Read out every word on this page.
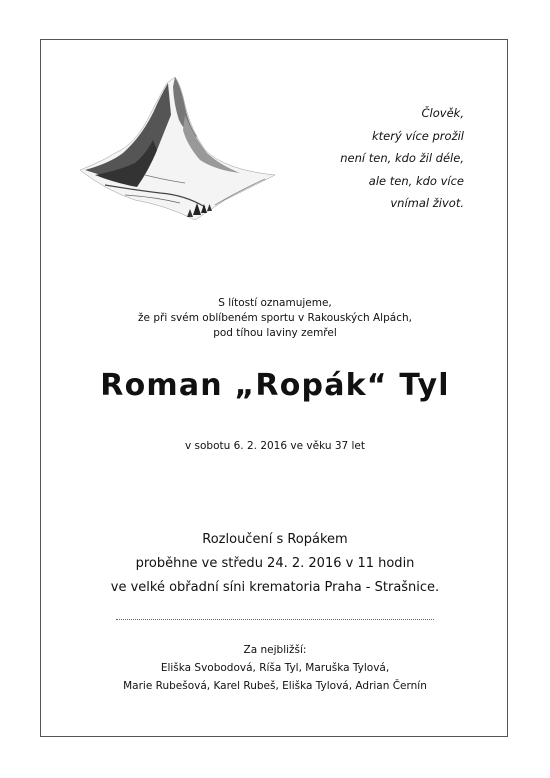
Člověk,
který více prožil
není ten, kdo žil déle,
ale ten, kdo více
vnímal život.
S lítostí oznamujeme,
že při svém oblíbeném sportu v Rakouských Alpách,
pod tíhou laviny zemřel
Roman „Ropák“ Tyl
v sobotu 6. 2. 2016 ve věku 37 let
Rozloučení s Ropákem
proběhne ve středu 24. 2. 2016 v 11 hodin
ve velké obřadní síni krematoria Praha - Strašnice.
Za nejbližší:
Eliška Svobodová, Ríša Tyl, Maruška Tylová,
Marie Rubešová, Karel Rubeš, Eliška Tylová, Adrian Černín
